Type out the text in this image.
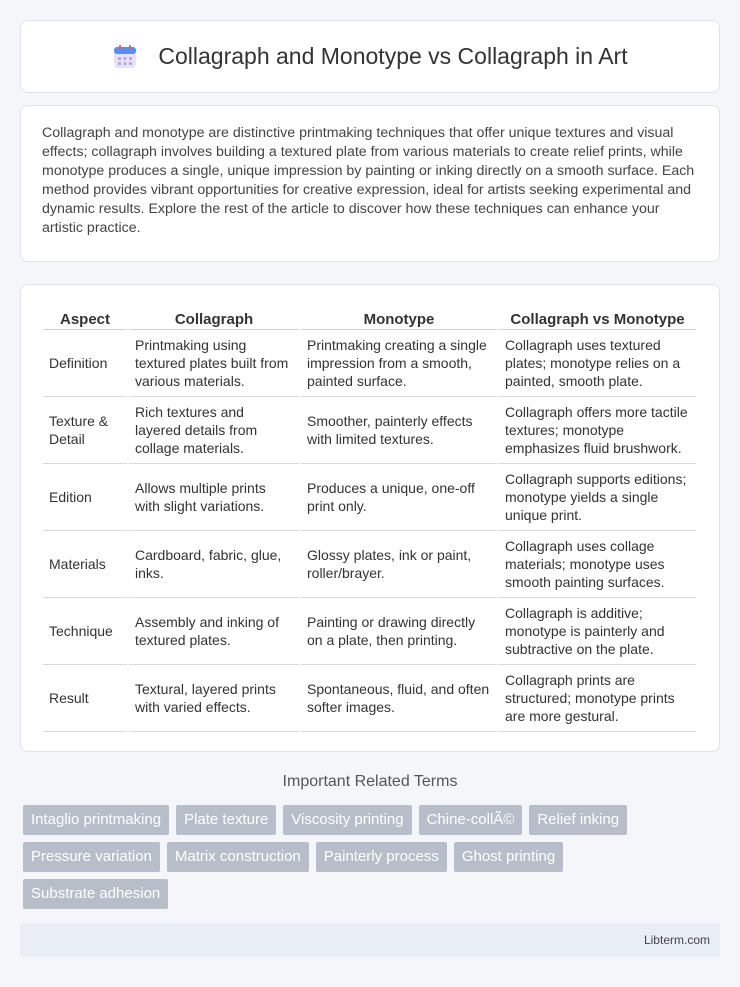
Collagraph and Monotype vs Collagraph in Art

Collagraph and monotype are distinctive printmaking techniques that offer unique textures and visual effects; collagraph involves building a textured plate from various materials to create relief prints, while monotype produces a single, unique impression by painting or inking directly on a smooth surface. Each method provides vibrant opportunities for creative expression, ideal for artists seeking experimental and dynamic results. Explore the rest of the article to discover how these techniques can enhance your artistic practice.

Aspect	Collagraph	Monotype	Collagraph vs Monotype
Definition	Printmaking using textured plates built from various materials.	Printmaking creating a single impression from a smooth, painted surface.	Collagraph uses textured plates; monotype relies on a painted, smooth plate.
Texture & Detail	Rich textures and layered details from collage materials.	Smoother, painterly effects with limited textures.	Collagraph offers more tactile textures; monotype emphasizes fluid brushwork.
Edition	Allows multiple prints with slight variations.	Produces a unique, one-off print only.	Collagraph supports editions; monotype yields a single unique print.
Materials	Cardboard, fabric, glue, inks.	Glossy plates, ink or paint, roller/brayer.	Collagraph uses collage materials; monotype uses smooth painting surfaces.
Technique	Assembly and inking of textured plates.	Painting or drawing directly on a plate, then printing.	Collagraph is additive; monotype is painterly and subtractive on the plate.
Result	Textural, layered prints with varied effects.	Spontaneous, fluid, and often softer images.	Collagraph prints are structured; monotype prints are more gestural.
Important Related Terms
Intaglio printmaking	Plate texture	Viscosity printing	Chine-collÃ©	Relief inking
Pressure variation	Matrix construction	Painterly process	Ghost printing
Substrate adhesion
Libterm.com
